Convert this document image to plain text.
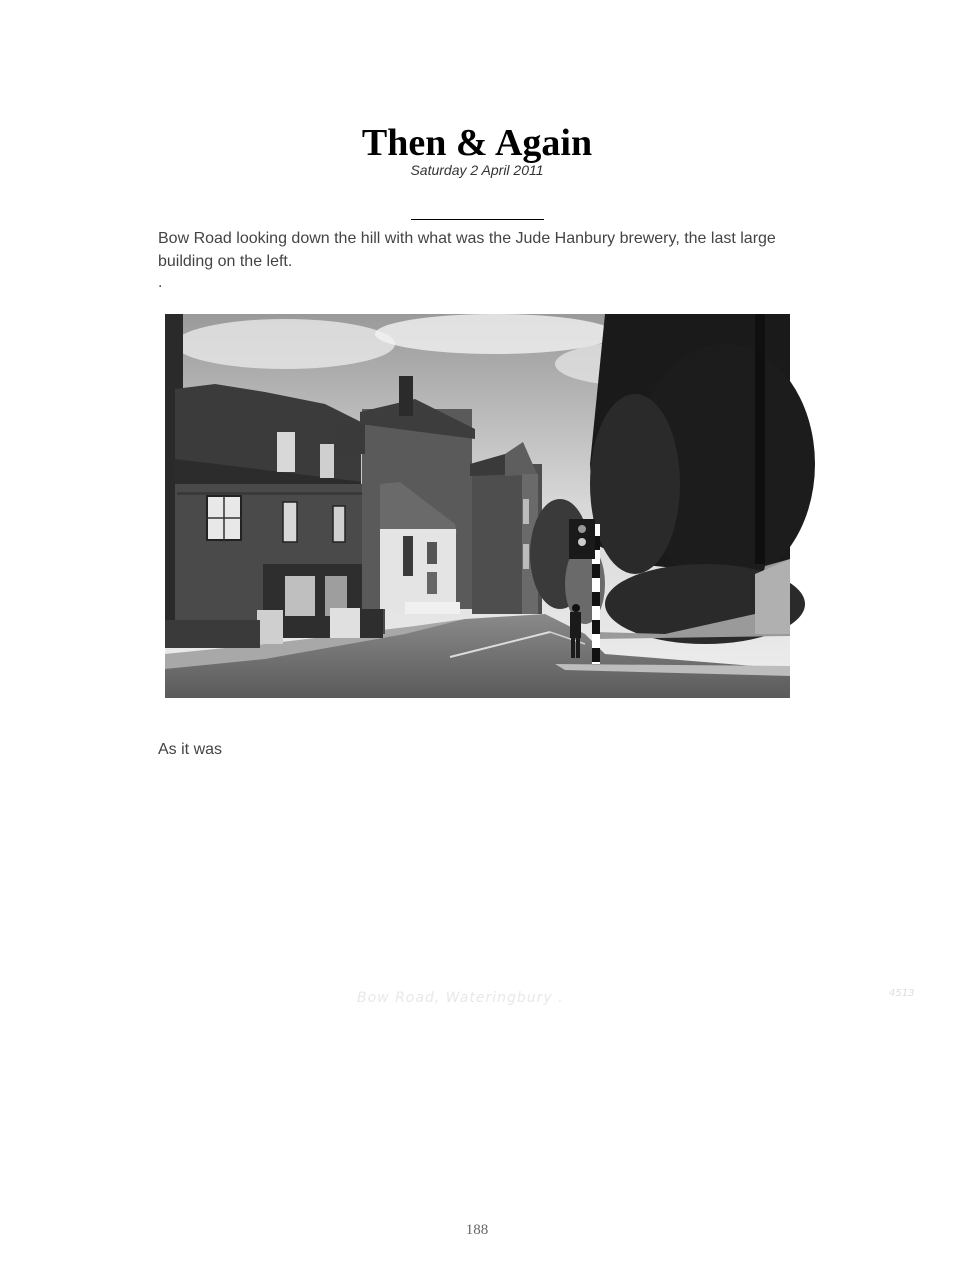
Then & Again
Saturday 2 April 2011
Bow Road looking down the hill with what was the Jude Hanbury brewery, the last large building on the left.
.
Bow Road, Wateringbury .	4513
As it was
188
